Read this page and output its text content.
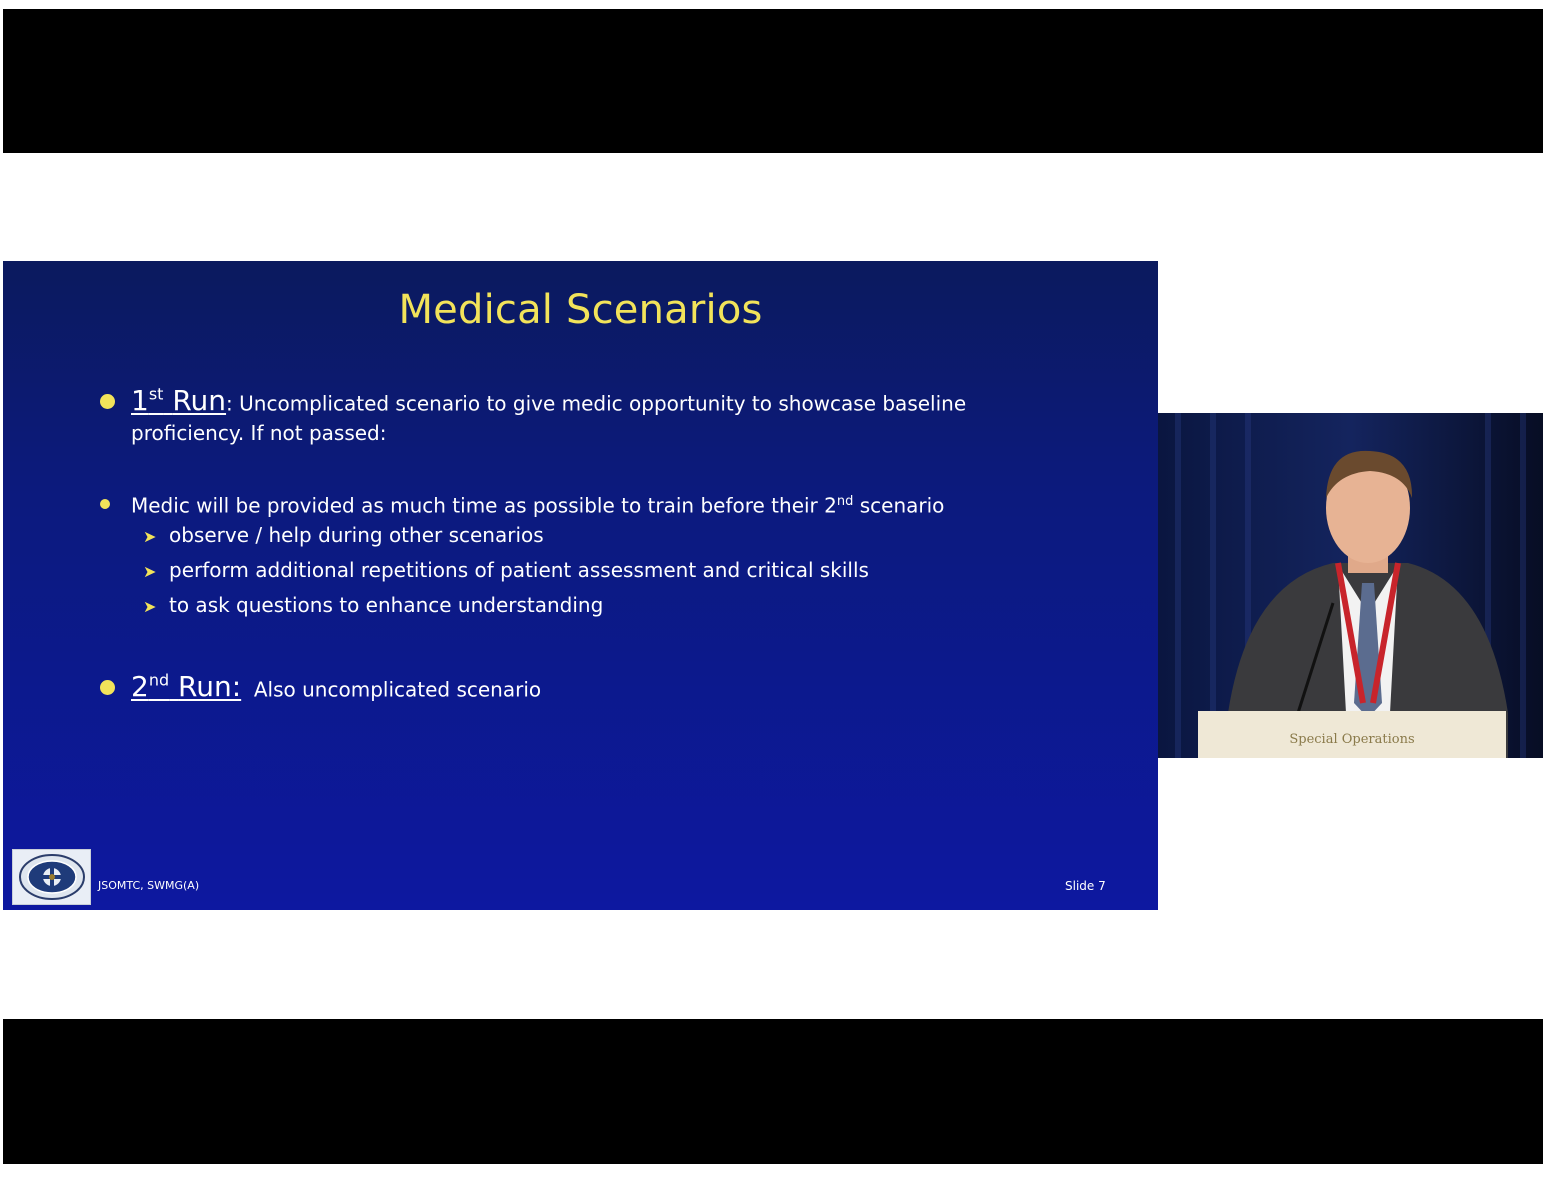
Medical Scenarios
1st Run: Uncomplicated scenario to give medic opportunity to showcase baseline
proficiency. If not passed:
Medic will be provided as much time as possible to train before their 2nd scenario
➤ observe / help during other scenarios
➤ perform additional repetitions of patient assessment and critical skills
➤ to ask questions to enhance understanding
2nd Run: Also uncomplicated scenario
JSOMTC, SWMG(A)	Slide 7
Special Operations
